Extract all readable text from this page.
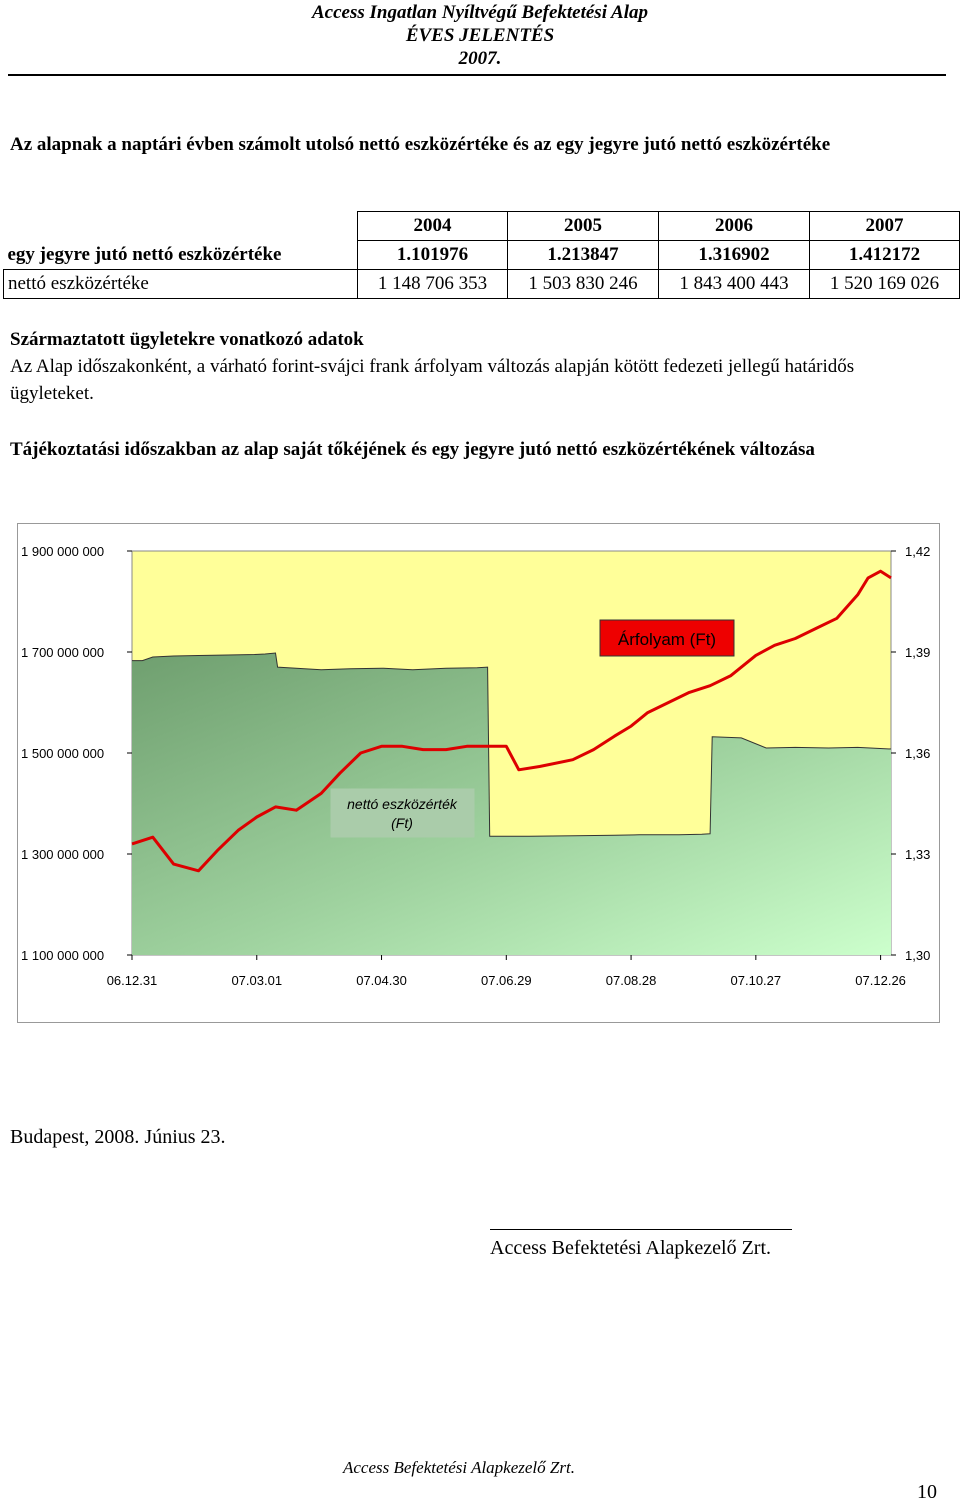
Access Ingatlan Nyíltvégű Befektetési Alap
ÉVES JELENTÉS
2007.
Az alapnak a naptári évben számolt utolsó nettó eszközértéke és az egy jegyre jutó nettó eszközértéke
	2004	2005	2006	2007
egy jegyre jutó nettó eszközértéke	1.101976	1.213847	1.316902	1.412172
nettó eszközértéke	1 148 706 353	1 503 830 246	1 843 400 443	1 520 169 026
Származtatott ügyletekre vonatkozó adatok
Az Alap időszakonként, a várható forint-svájci frank árfolyam változás alapján kötött fedezeti jellegű határidős ügyleteket.
Tájékoztatási időszakban az alap saját tőkéjének és egy jegyre jutó nettó eszközértékének változása
1 900 000 000
1 700 000 000
1 500 000 000
1 300 000 000
1 100 000 000
1,42
1,39
1,36
1,33
1,30
06.12.31	07.03.01	07.04.30	07.06.29	07.08.28	07.10.27	07.12.26
Árfolyam (Ft)
nettó eszközérték
(Ft)
Budapest, 2008. Június 23.
Access Befektetési Alapkezelő Zrt.
Access Befektetési Alapkezelő Zrt.
10
